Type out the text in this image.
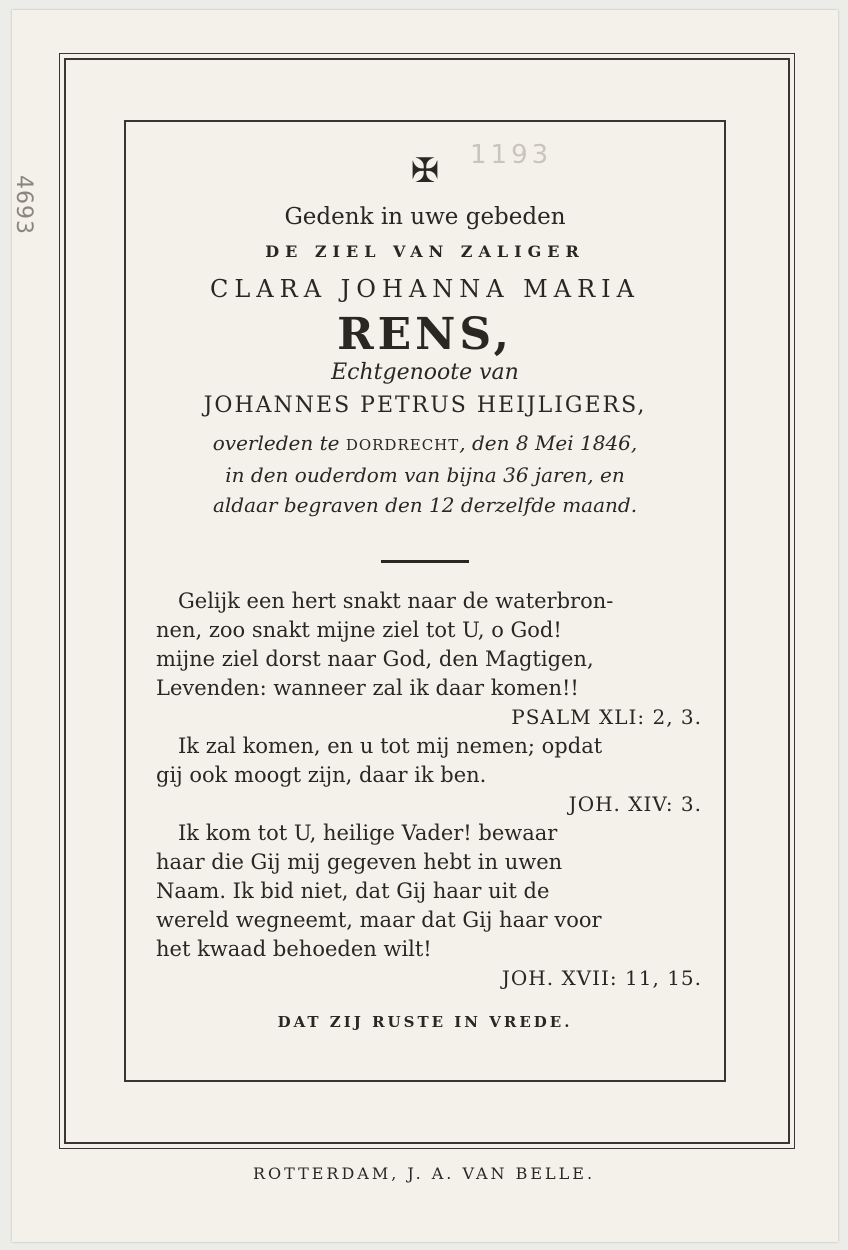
4693
1193
✠
Gedenk in uwe gebeden
DE ZIEL VAN ZALIGER
CLARA JOHANNA MARIA
RENS,
Echtgenoote van
JOHANNES PETRUS HEIJLIGERS,

overleden te DORDRECHT, den 8 Mei 1846,

in den ouderdom van bijna 36 jaren, en

aldaar begraven den 12 derzelfde maand.

Gelijk een hert snakt naar de waterbron-

nen, zoo snakt mijne ziel tot U, o God!

mijne ziel dorst naar God, den Magtigen,

Levenden: wanneer zal ik daar komen!!

PSALM XLI: 2, 3.

Ik zal komen, en u tot mij nemen; opdat

gij ook moogt zijn, daar ik ben.

JOH. XIV: 3.

Ik kom tot U, heilige Vader! bewaar

haar die Gij mij gegeven hebt in uwen

Naam. Ik bid niet, dat Gij haar uit de

wereld wegneemt, maar dat Gij haar voor

het kwaad behoeden wilt!

JOH. XVII: 11, 15.

DAT ZIJ RUSTE IN VREDE.
ROTTERDAM, J. A. VAN BELLE.
